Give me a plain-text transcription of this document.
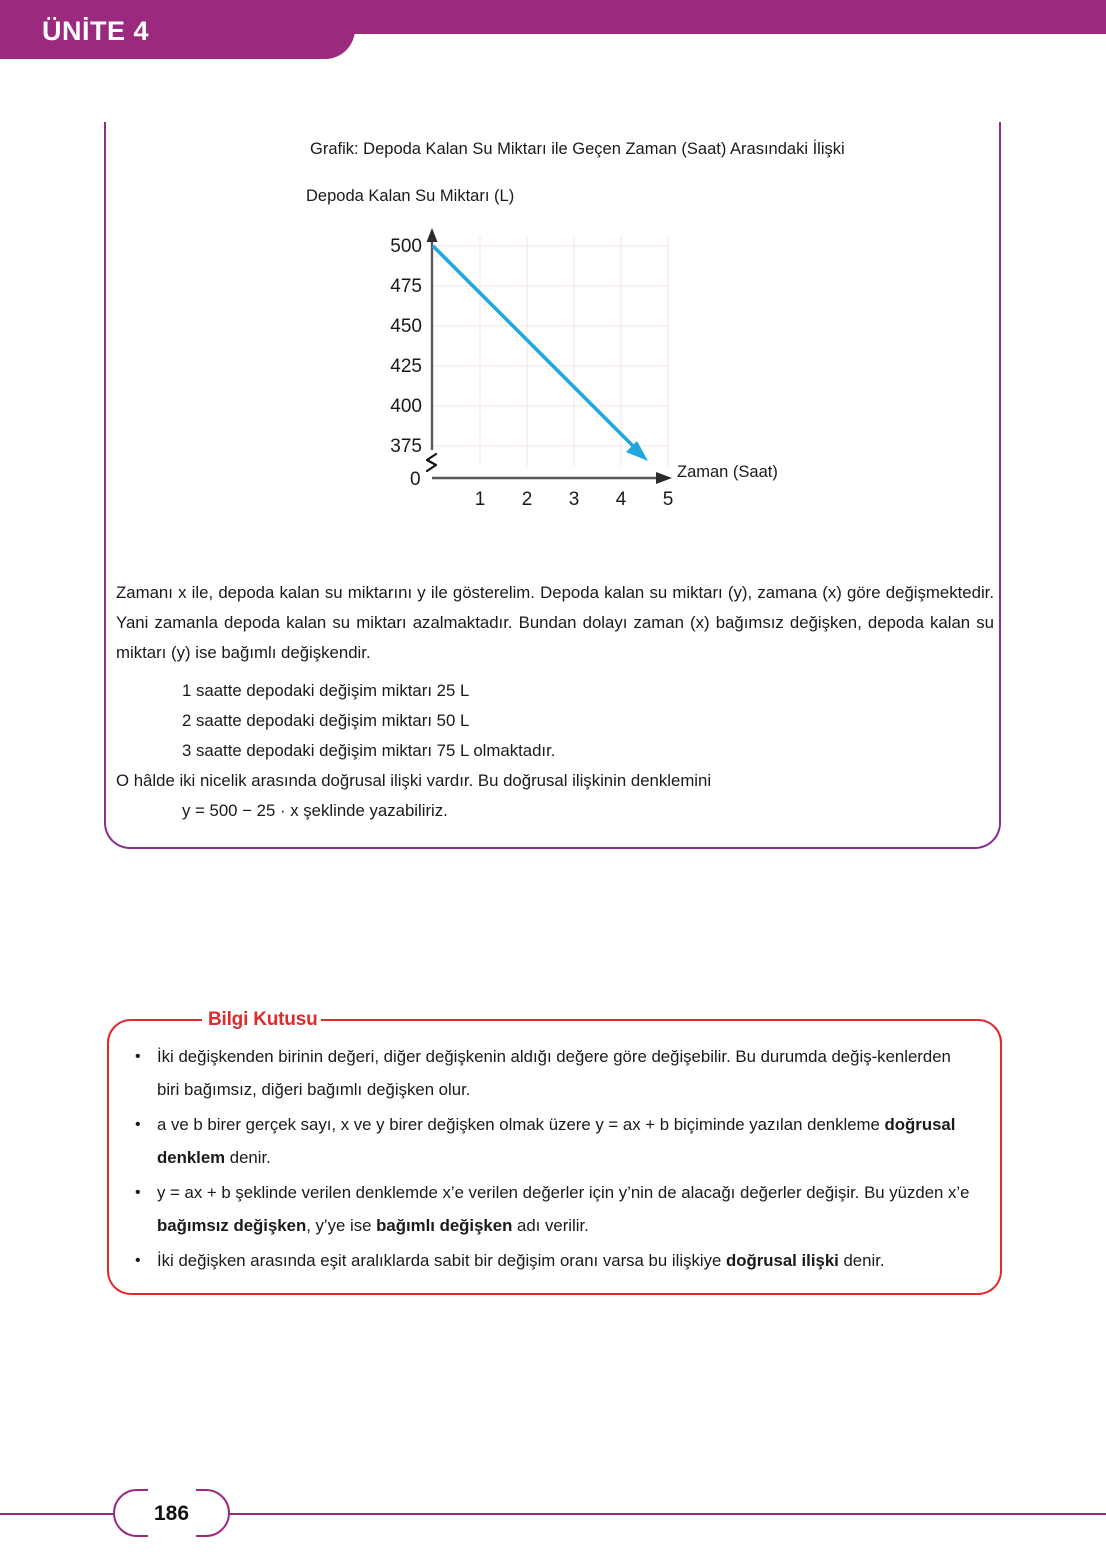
ÜNİTE 4
Grafik: Depoda Kalan Su Miktarı ile Geçen Zaman (Saat) Arasındaki İlişki
Depoda Kalan Su Miktarı (L)
Zaman (Saat)
500
475
450
425
400
375
0
1 2 3 4 5
Zamanı x ile, depoda kalan su miktarını y ile gösterelim. Depoda kalan su miktarı (y), zamana (x) göre değişmektedir. Yani zamanla depoda kalan su miktarı azalmaktadır. Bundan dolayı zaman (x) bağımsız değişken, depoda kalan su miktarı (y) ise bağımlı değişkendir.
1 saatte depodaki değişim miktarı 25 L
2 saatte depodaki değişim miktarı 50 L
3 saatte depodaki değişim miktarı 75 L olmaktadır.
O hâlde iki nicelik arasında doğrusal ilişki vardır. Bu doğrusal ilişkinin denklemini
y = 500 − 25 · x şeklinde yazabiliriz.
Bilgi Kutusu
• İki değişkenden birinin değeri, diğer değişkenin aldığı değere göre değişebilir. Bu durumda değiş-kenlerden biri bağımsız, diğeri bağımlı değişken olur.
• a ve b birer gerçek sayı, x ve y birer değişken olmak üzere y = ax + b biçiminde yazılan denkleme doğrusal denklem denir.
• y = ax + b şeklinde verilen denklemde x’e verilen değerler için y’nin de alacağı değerler değişir. Bu yüzden x’e bağımsız değişken, y’ye ise bağımlı değişken adı verilir.
• İki değişken arasında eşit aralıklarda sabit bir değişim oranı varsa bu ilişkiye doğrusal ilişki denir.
186
